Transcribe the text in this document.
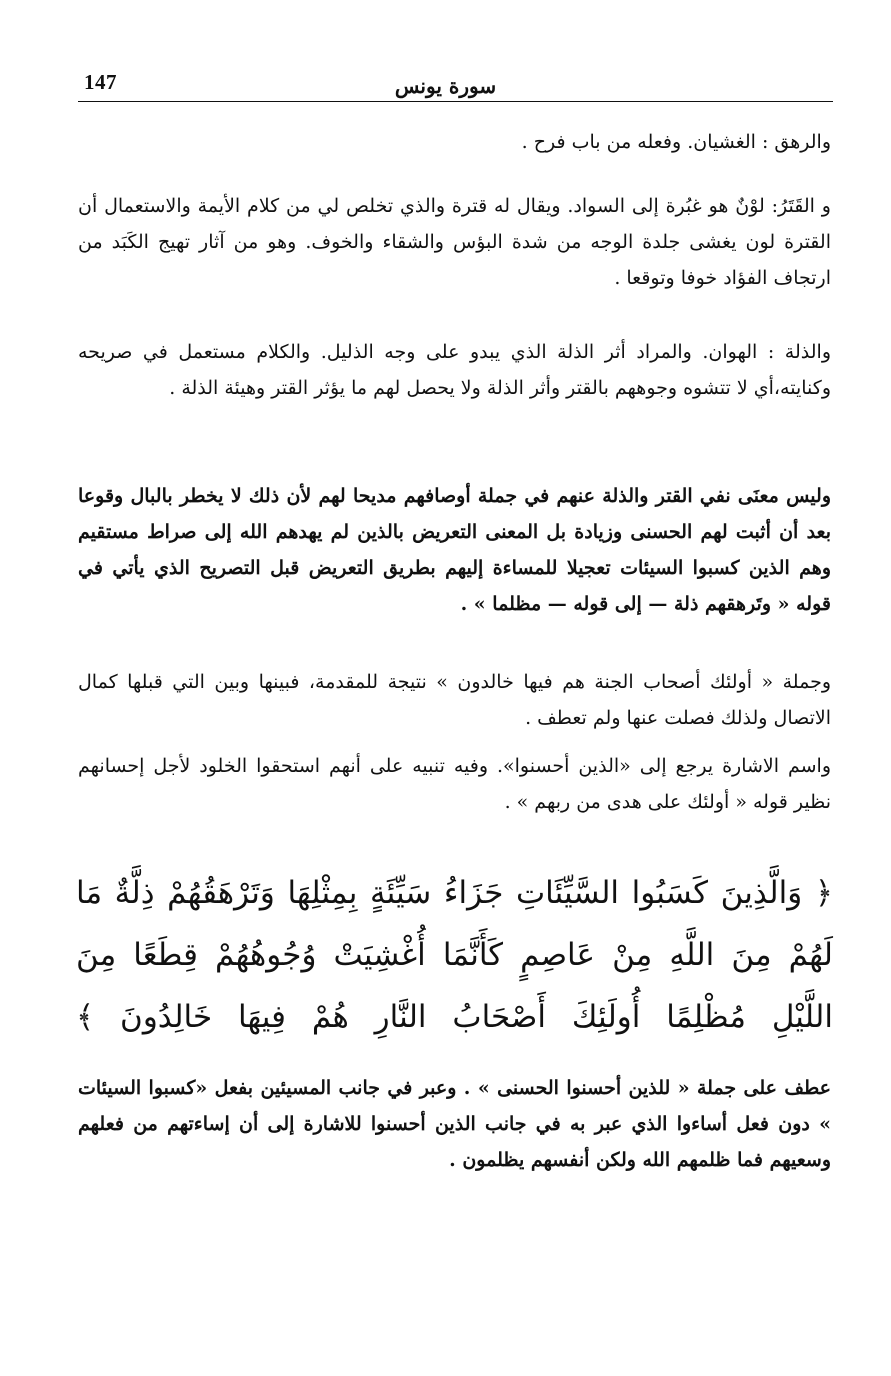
147	سورة يونس

والرهق : الغشيان. وفعله من باب فرح .

و القَتَرُ: لوْنٌ هو غبُرة إلى السواد. ويقال له قترة والذي تخلص لي من كلام الأيمة والاستعمال أن القترة لون يغشى جلدة الوجه من شدة البؤس والشقاء والخوف. وهو من آثار تهيج الكَبَد من ارتجاف الفؤاد خوفا وتوقعا .

والذلة : الهوان. والمراد أثر الذلة الذي يبدو على وجه الذليل. والكلام مستعمل في صريحه وكنايته،أي لا تتشوه وجوههم بالقتر وأثر الذلة ولا يحصل لهم ما يؤثر القتر وهيئة الذلة .

وليس معنَى نفي القتر والذلة عنهم في جملة أوصافهم مديحا لهم لأن ذلك لا يخطر بالبال وقوعا بعد أن أثبت لهم الحسنى وزيادة بل المعنى التعريض بالذين لم يهدهم الله إلى صراط مستقيم وهم الذين كسبوا السيئات تعجيلا للمساءة إليهم بطريق التعريض قبل التصريح الذي يأتي في قوله « وتَرهقهم ذلة — إلى قوله — مظلما » .

وجملة « أولئك أصحاب الجنة هم فيها خالدون » نتيجة للمقدمة، فبينها وبين التي قبلها كمال الاتصال ولذلك فصلت عنها ولم تعطف .

واسم الاشارة يرجع إلى «الذين أحسنوا». وفيه تنبيه على أنهم استحقوا الخلود لأجل إحسانهم نظير قوله « أولئك على هدى من ربهم » .

﴿ وَالَّذِينَ كَسَبُوا السَّيِّئَاتِ جَزَاءُ سَيِّئَةٍ بِمِثْلِهَا وَتَرْهَقُهُمْ ذِلَّةٌ مَا لَهُمْ مِنَ اللَّهِ مِنْ عَاصِمٍ كَأَنَّمَا أُغْشِيَتْ وُجُوهُهُمْ قِطَعًا مِنَ اللَّيْلِ مُظْلِمًا أُولَئِكَ أَصْحَابُ النَّارِ هُمْ فِيهَا خَالِدُونَ ﴾

عطف على جملة « للذين أحسنوا الحسنى » . وعبر في جانب المسيئين بفعل «كسبوا السيئات » دون فعل أساءوا الذي عبر به في جانب الذين أحسنوا للاشارة إلى أن إساءتهم من فعلهم وسعيهم فما ظلمهم الله ولكن أنفسهم يظلمون .
